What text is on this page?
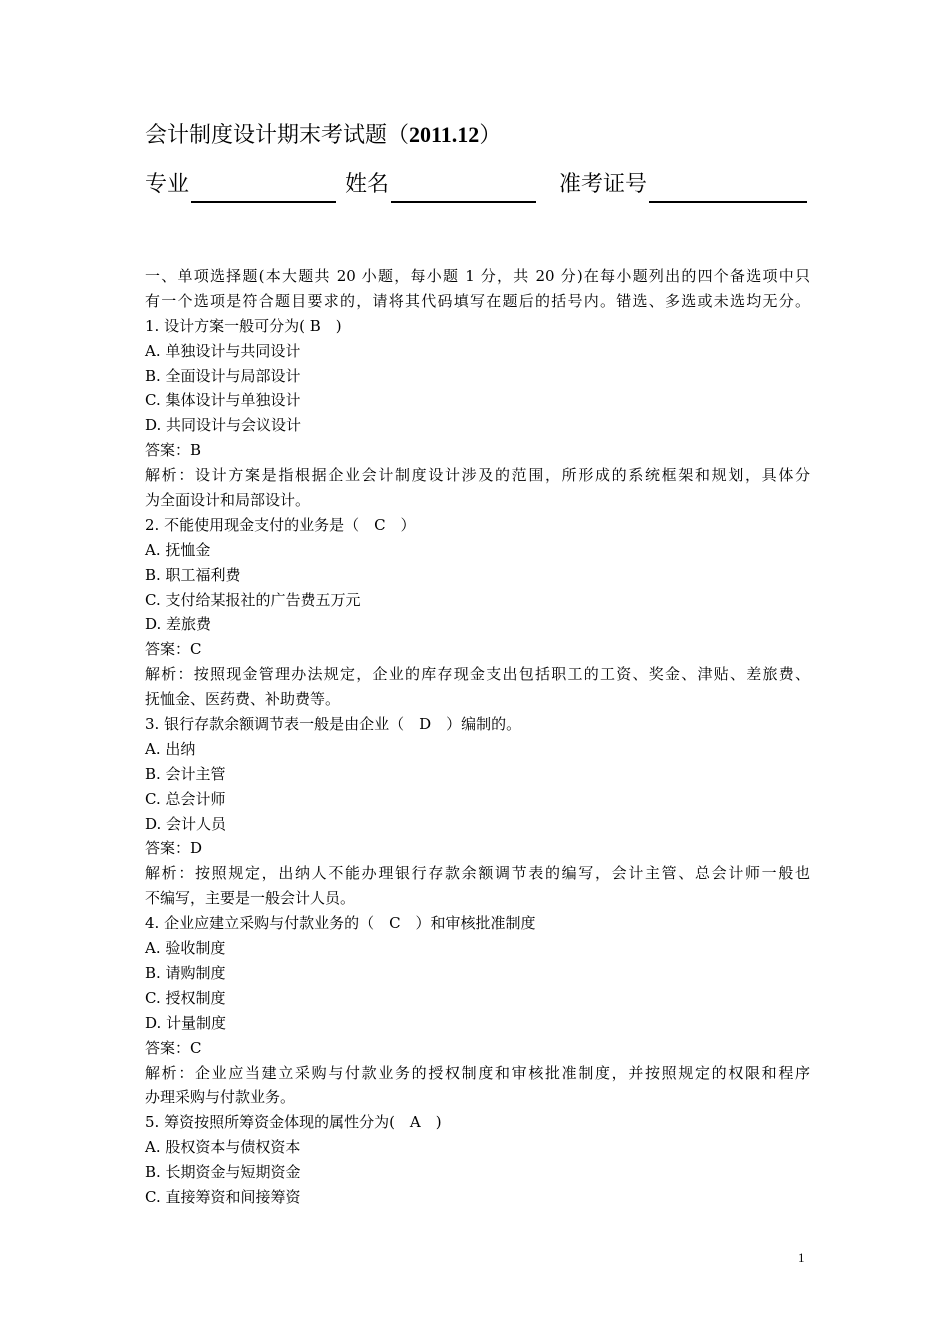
会计制度设计期末考试题（2011.12）
专业	姓名	准考证号
一、单项选择题(本大题共 20 小题，每小题 1 分，共 20 分)在每小题列出的四个备选项中只
有一个选项是符合题目要求的，请将其代码填写在题后的括号内。错选、多选或未选均无分。
1. 设计方案一般可分为( B　)
A. 单独设计与共同设计
B. 全面设计与局部设计
C. 集体设计与单独设计
D. 共同设计与会议设计
答案：B
解析：设计方案是指根据企业会计制度设计涉及的范围，所形成的系统框架和规划，具体分
为全面设计和局部设计。
2. 不能使用现金支付的业务是（　C　）
A. 抚恤金
B. 职工福利费
C. 支付给某报社的广告费五万元
D. 差旅费
答案：C
解析：按照现金管理办法规定，企业的库存现金支出包括职工的工资、奖金、津贴、差旅费、
抚恤金、医药费、补助费等。
3. 银行存款余额调节表一般是由企业（　D　）编制的。
A. 出纳
B. 会计主管
C. 总会计师
D. 会计人员
答案：D
解析：按照规定，出纳人不能办理银行存款余额调节表的编写，会计主管、总会计师一般也
不编写，主要是一般会计人员。
4. 企业应建立采购与付款业务的（　C　）和审核批准制度
A. 验收制度
B. 请购制度
C. 授权制度
D. 计量制度
答案：C
解析：企业应当建立采购与付款业务的授权制度和审核批准制度，并按照规定的权限和程序
办理采购与付款业务。
5. 筹资按照所筹资金体现的属性分为(　A　)
A. 股权资本与债权资本
B. 长期资金与短期资金
C. 直接筹资和间接筹资
1
